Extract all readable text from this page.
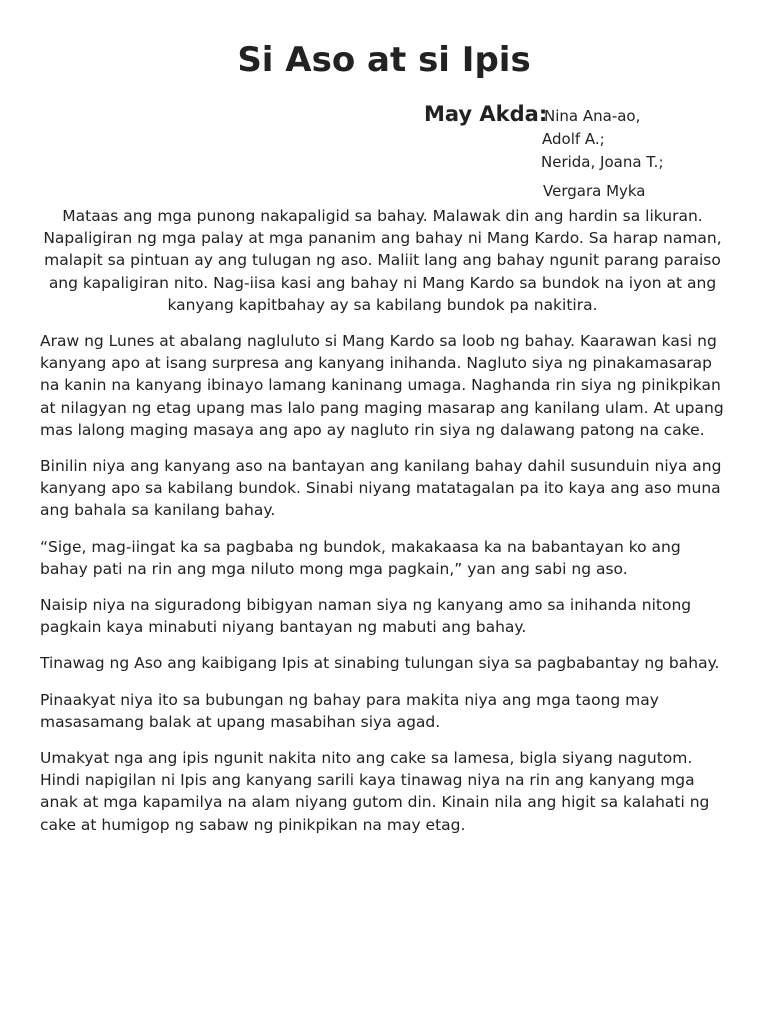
Si Aso at si Ipis
May Akda:
Nina Ana-ao,
Adolf A.;
Nerida, Joana T.;
Vergara Myka

Mataas ang mga punong nakapaligid sa bahay. Malawak din ang hardin sa likuran. Napaligiran ng mga palay at mga pananim ang bahay ni Mang Kardo. Sa harap naman, malapit sa pintuan ay ang tulugan ng aso. Maliit lang ang bahay ngunit parang paraiso ang kapaligiran nito. Nag-iisa kasi ang bahay ni Mang Kardo sa bundok na iyon at ang kanyang kapitbahay ay sa kabilang bundok pa nakitira.

Araw ng Lunes at abalang nagluluto si Mang Kardo sa loob ng bahay. Kaarawan kasi ng kanyang apo at isang surpresa ang kanyang inihanda. Nagluto siya ng pinakamasarap na kanin na kanyang ibinayo lamang kaninang umaga. Naghanda rin siya ng pinikpikan at nilagyan ng etag upang mas lalo pang maging masarap ang kanilang ulam. At upang mas lalong maging masaya ang apo ay nagluto rin siya ng dalawang patong na cake.

Binilin niya ang kanyang aso na bantayan ang kanilang bahay dahil susunduin niya ang kanyang apo sa kabilang bundok. Sinabi niyang matatagalan pa ito kaya ang aso muna ang bahala sa kanilang bahay.

“Sige, mag-iingat ka sa pagbaba ng bundok, makakaasa ka na babantayan ko ang bahay pati na rin ang mga niluto mong mga pagkain,” yan ang sabi ng aso.

Naisip niya na siguradong bibigyan naman siya ng kanyang amo sa inihanda nitong pagkain kaya minabuti niyang bantayan ng mabuti ang bahay.

Tinawag ng Aso ang kaibigang Ipis at sinabing tulungan siya sa pagbabantay ng bahay.

Pinaakyat niya ito sa bubungan ng bahay para makita niya ang mga taong may masasamang balak at upang masabihan siya agad.

Umakyat nga ang ipis ngunit nakita nito ang cake sa lamesa, bigla siyang nagutom. Hindi napigilan ni Ipis ang kanyang sarili kaya tinawag niya na rin ang kanyang mga anak at mga kapamilya na alam niyang gutom din. Kinain nila ang higit sa kalahati ng cake at humigop ng sabaw ng pinikpikan na may etag.
